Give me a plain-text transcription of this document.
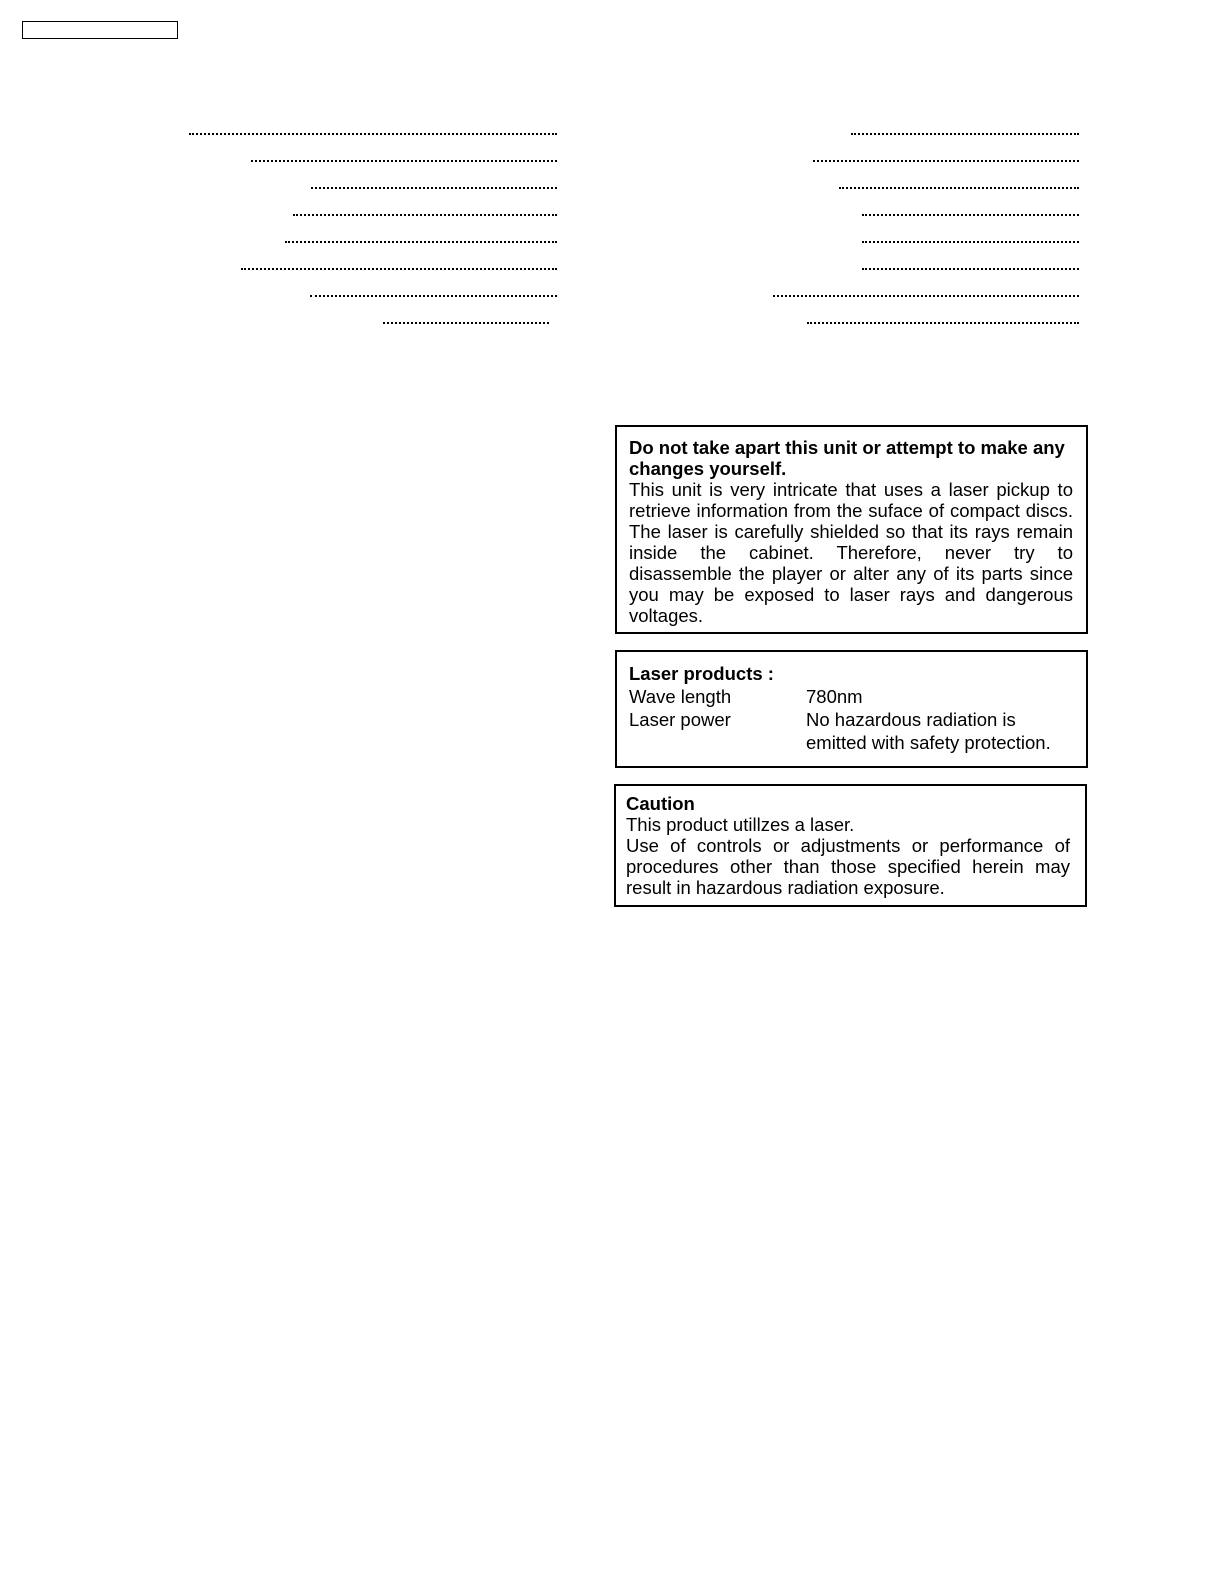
Do not take apart this unit or attempt to make any changes yourself.
This unit is very intricate that uses a laser pickup to retrieve information from the suface of compact discs. The laser is carefully shielded so that its rays remain inside the cabinet. Therefore, never try to disassemble the player or alter any of its parts since you may be exposed to laser rays and dangerous voltages.
Laser products :
Wave length	780nm
Laser power	No hazardous radiation is emitted with safety protection.
Caution
This product utillzes a laser.
Use of controls or adjustments or performance of procedures other than those specified herein may result in hazardous radiation exposure.
